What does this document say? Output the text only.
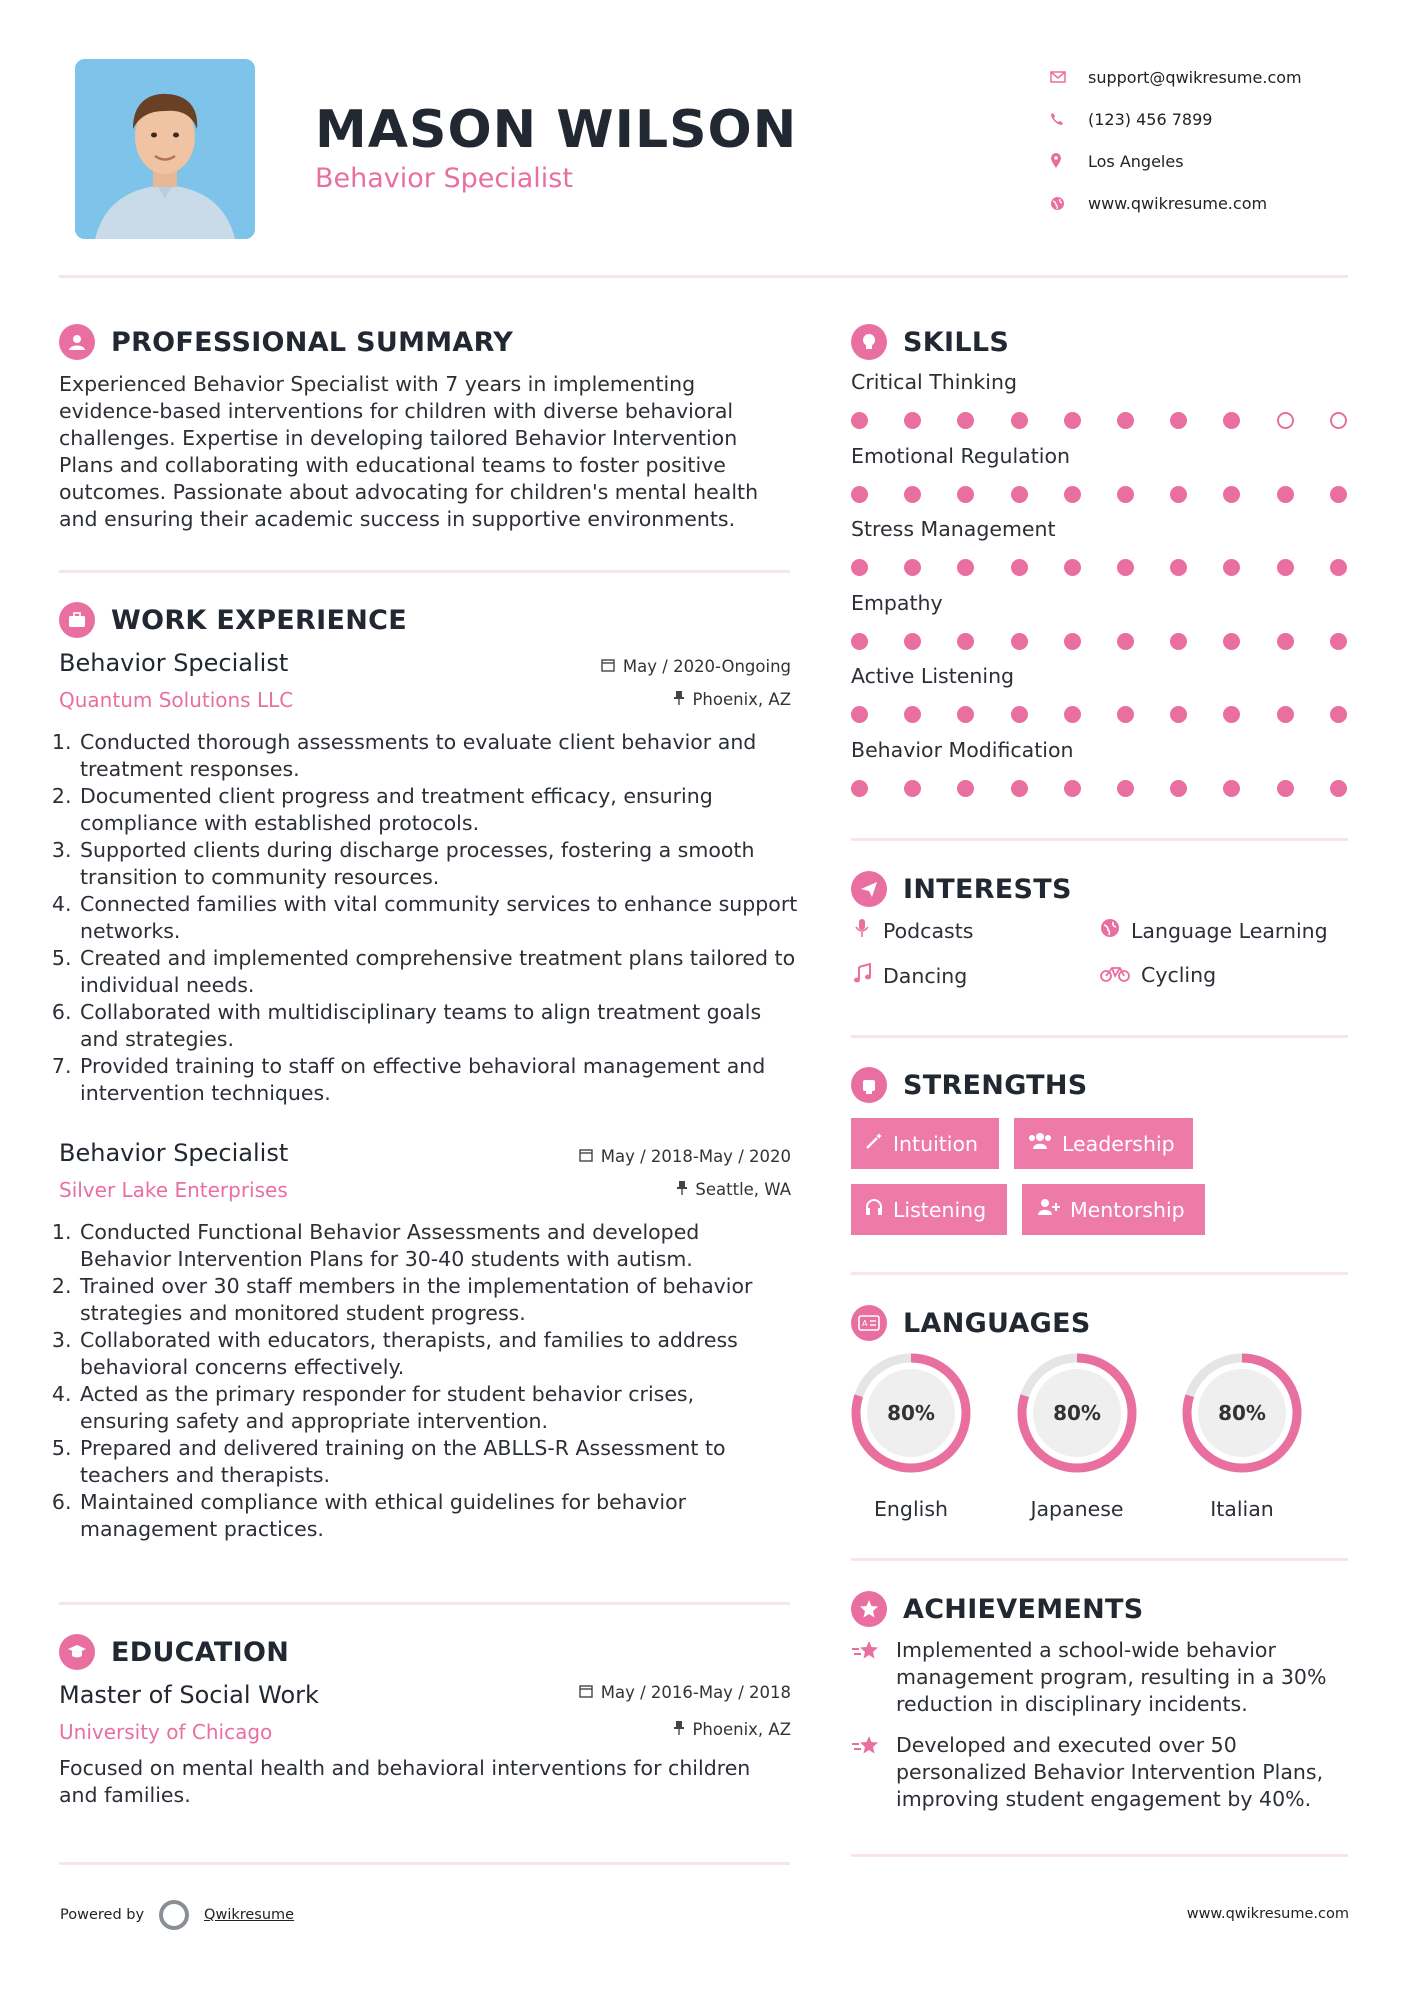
MASON WILSON
Behavior Specialist
support@qwikresume.com
(123) 456 7899
Los Angeles
www.qwikresume.com
PROFESSIONAL SUMMARY
Experienced Behavior Specialist with 7 years in implementing evidence-based interventions for children with diverse behavioral challenges. Expertise in developing tailored Behavior Intervention Plans and collaborating with educational teams to foster positive outcomes. Passionate about advocating for children's mental health and ensuring their academic success in supportive environments.
WORK EXPERIENCE
Behavior Specialist
Quantum Solutions LLC
May / 2020-Ongoing
Phoenix, AZ
1. Conducted thorough assessments to evaluate client behavior and treatment responses.
2. Documented client progress and treatment efficacy, ensuring compliance with established protocols.
3. Supported clients during discharge processes, fostering a smooth transition to community resources.
4. Connected families with vital community services to enhance support networks.
5. Created and implemented comprehensive treatment plans tailored to individual needs.
6. Collaborated with multidisciplinary teams to align treatment goals and strategies.
7. Provided training to staff on effective behavioral management and intervention techniques.
Behavior Specialist
Silver Lake Enterprises
May / 2018-May / 2020
Seattle, WA
1. Conducted Functional Behavior Assessments and developed Behavior Intervention Plans for 30-40 students with autism.
2. Trained over 30 staff members in the implementation of behavior strategies and monitored student progress.
3. Collaborated with educators, therapists, and families to address behavioral concerns effectively.
4. Acted as the primary responder for student behavior crises, ensuring safety and appropriate intervention.
5. Prepared and delivered training on the ABLLS-R Assessment to teachers and therapists.
6. Maintained compliance with ethical guidelines for behavior management practices.
EDUCATION
Master of Social Work
University of Chicago
May / 2016-May / 2018
Phoenix, AZ
Focused on mental health and behavioral interventions for children and families.
SKILLS
Critical Thinking
Emotional Regulation
Stress Management
Empathy
Active Listening
Behavior Modification
INTERESTS
Podcasts	Language Learning
Dancing	Cycling
STRENGTHS
Intuition	Leadership
Listening	Mentorship
A LANGUAGES
80%
English
80%
Japanese
80%
Italian
ACHIEVEMENTS
Implemented a school-wide behavior management program, resulting in a 30% reduction in disciplinary incidents.
Developed and executed over 50 personalized Behavior Intervention Plans, improving student engagement by 40%.
Powered by	Qwikresume	www.qwikresume.com
